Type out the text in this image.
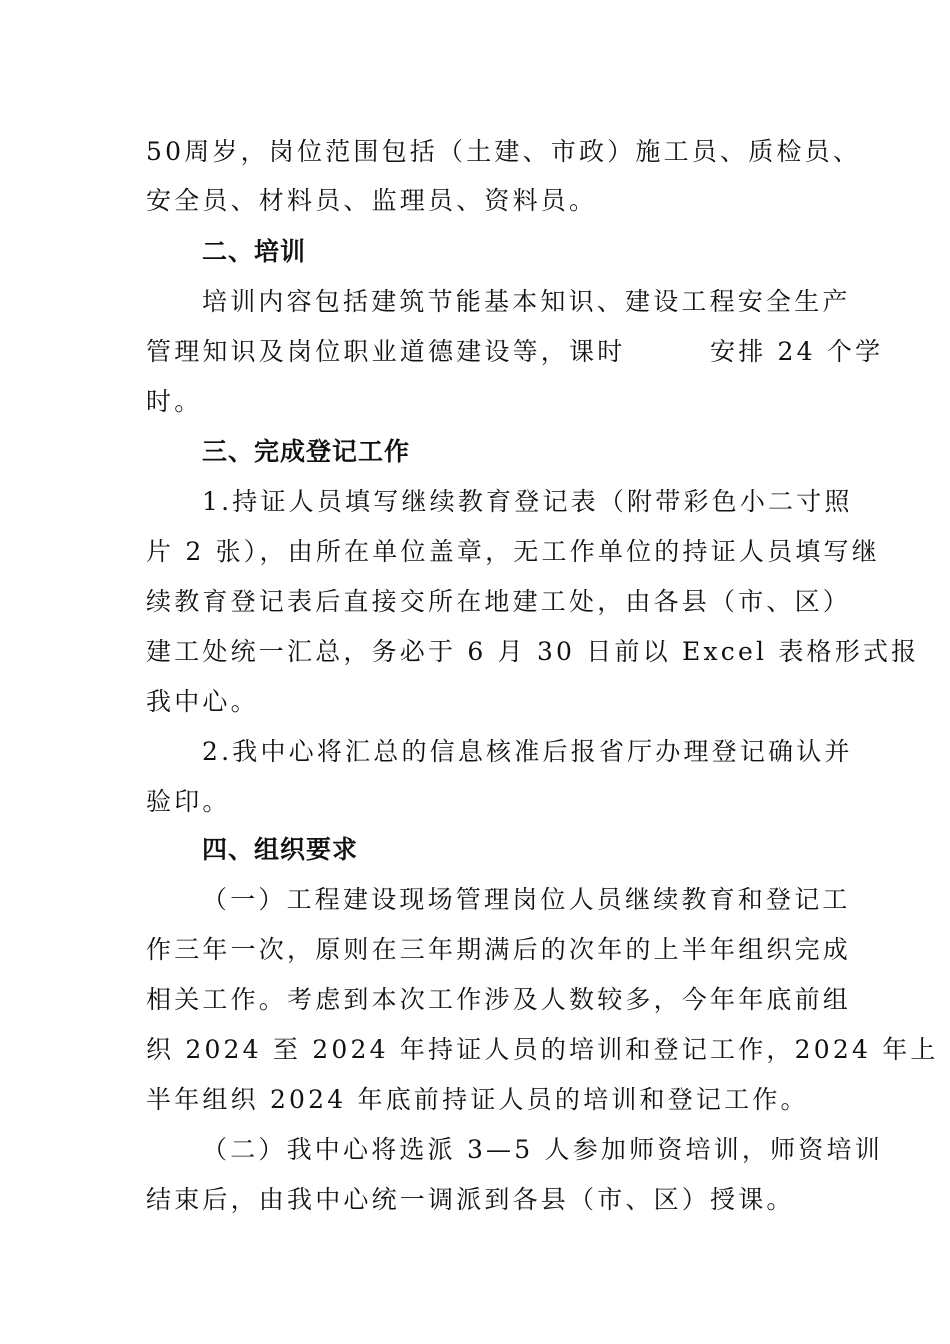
50周岁，岗位范围包括（土建、市政）施工员、质检员、
安全员、材料员、监理员、资料员。
二、培训
培训内容包括建筑节能基本知识、建设工程安全生产
管理知识及岗位职业道德建设等，课时　　　安排 24 个学
时。
三、完成登记工作
1.持证人员填写继续教育登记表（附带彩色小二寸照
片 2 张），由所在单位盖章，无工作单位的持证人员填写继
续教育登记表后直接交所在地建工处，由各县（市、区）
建工处统一汇总，务必于 6 月 30 日前以 Excel 表格形式报
我中心。
2.我中心将汇总的信息核准后报省厅办理登记确认并
验印。
四、组织要求
（一）工程建设现场管理岗位人员继续教育和登记工
作三年一次，原则在三年期满后的次年的上半年组织完成
相关工作。考虑到本次工作涉及人数较多，今年年底前组
织 2024 至 2024 年持证人员的培训和登记工作，2024 年上
半年组织 2024 年底前持证人员的培训和登记工作。
（二）我中心将选派 3—5 人参加师资培训，师资培训
结束后，由我中心统一调派到各县（市、区）授课。
